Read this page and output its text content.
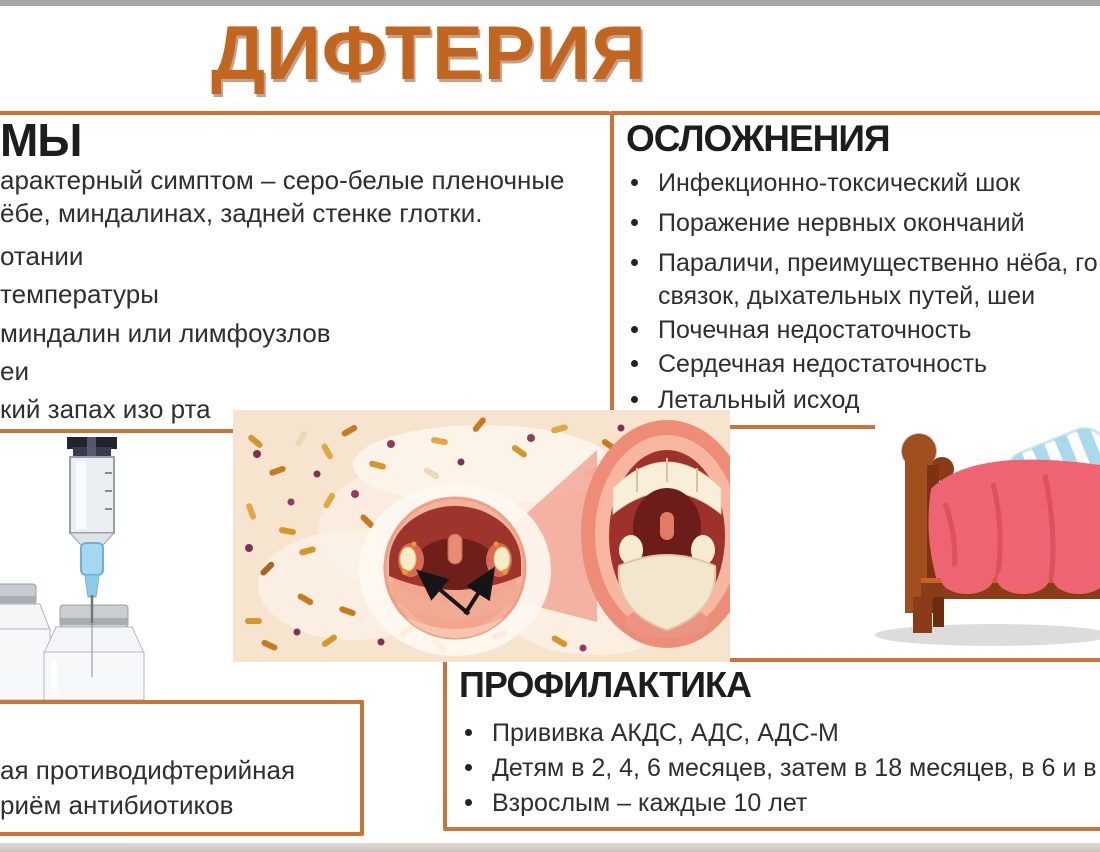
ДИФТЕРИЯ
МЫ
арактерный симптом – серо-белые пленочные
ёбе, миндалинах, задней стенке глотки.
отании
температуры
миндалин или лимфоузлов
еи
кий запах изо рта
ОСЛОЖНЕНИЯ
Инфекционно-токсический шок
Поражение нервных окончаний
Параличи, преимущественно нёба, го
связок, дыхательных путей, шеи
Почечная недостаточность
Сердечная недостаточность
Летальный исход
ПРОФИЛАКТИКА
Прививка АКДС, АДС, АДС-М
Детям в 2, 4, 6 месяцев, затем в 18 месяцев, в 6 и в
Взрослым – каждые 10 лет
ая противодифтерийная
риём антибиотиков
